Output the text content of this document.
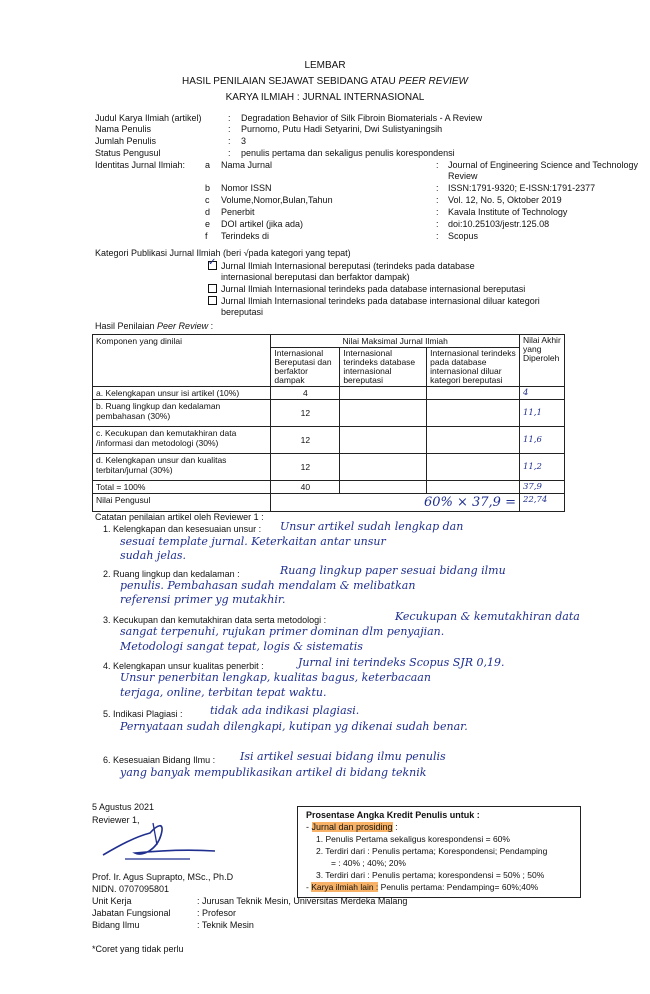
LEMBAR
HASIL PENILAIAN SEJAWAT SEBIDANG ATAU PEER REVIEW
KARYA ILMIAH : JURNAL INTERNASIONAL
Judul Karya Ilmiah (artikel)	: Degradation Behavior of Silk Fibroin Biomaterials - A Review
Nama Penulis	: Purnomo, Putu Hadi Setyarini, Dwi Sulistyaningsih
Jumlah Penulis	: 3
Status Pengusul	: penulis pertama dan sekaligus penulis korespondensi
Identitas Jurnal Ilmiah: a Nama Jurnal	: Journal of Engineering Science and Technology
Review
b Nomor ISSN	: ISSN:1791-9320; E-ISSN:1791-2377
c Volume,Nomor,Bulan,Tahun	: Vol. 12, No. 5, Oktober 2019
d Penerbit	: Kavala Institute of Technology
e DOI artikel (jika ada)	: doi:10.25103/jestr.125.08
f Terindeks di	: Scopus
Kategori Publikasi Jurnal Ilmiah (beri √pada kategori yang tepat)
✓Jurnal Ilmiah Internasional bereputasi (terindeks pada database
internasional bereputasi dan berfaktor dampak)
Jurnal Ilmiah Internasional terindeks pada database internasional bereputasi
Jurnal Ilmiah Internasional terindeks pada database internasional diluar kategori
bereputasi
Hasil Penilaian Peer Review :
Komponen yang dinilai	Nilai Maksimal Jurnal Ilmiah			Nilai Akhir yang Diperoleh
	Internasional Bereputasi dan berfaktor dampak	Internasional terindeks database internasional bereputasi	Internasional terindeks pada database internasional diluar kategori bereputasi	
a. Kelengkapan unsur isi artikel (10%)	4			4
b. Ruang lingkup dan kedalaman pembahasan (30%)	12			11,1
c. Kecukupan dan kemutakhiran data /informasi dan metodologi (30%)	12			11,6
d. Kelengkapan unsur dan kualitas terbitan/jurnal (30%)	12			11,2
Total = 100%	40			37,9
Nilai Pengusul	60% × 37,9 =			22,74
Catatan penilaian artikel oleh Reviewer 1 :
1. Kelengkapan dan kesesuaian unsur : Unsur artikel sudah lengkap dan
sesuai template jurnal. Keterkaitan antar unsur
sudah jelas.
2. Ruang lingkup dan kedalaman :	Ruang lingkup paper sesuai bidang ilmu
penulis. Pembahasan sudah mendalam & melibatkan
referensi primer yg mutakhir.
3. Kecukupan dan kemutakhiran data serta metodologi :	Kecukupan & kemutakhiran data
sangat terpenuhi, rujukan primer dominan dlm penyajian.
Metodologi sangat tepat, logis & sistematis
4. Kelengkapan unsur kualitas penerbit :	Jurnal ini terindeks Scopus SJR 0,19.
Unsur penerbitan lengkap, kualitas bagus, keterbacaan
terjaga, online, terbitan tepat waktu.
5. Indikasi Plagiasi : tidak ada indikasi plagiasi.
Pernyataan sudah dilengkapi, kutipan yg dikenai sudah benar.
6. Kesesuaian Bidang Ilmu : Isi artikel sesuai bidang ilmu penulis
yang banyak mempublikasikan artikel di bidang teknik
5 Agustus 2021
Reviewer 1,
Prof. Ir. Agus Suprapto, MSc., Ph.D
NIDN. 0707095801
Unit Kerja	: Jurusan Teknik Mesin, Universitas Merdeka Malang
Jabatan Fungsional	: Profesor
Bidang Ilmu	: Teknik Mesin
Prosentase Angka Kredit Penulis untuk :
- Jurnal dan prosiding :
1. Penulis Pertama sekaligus korespondensi = 60%
2. Terdiri dari : Penulis pertama; Korespondensi; Pendamping
= : 40% ; 40%; 20%
3. Terdiri dari : Penulis pertama; korespondensi = 50% ; 50%
- Karya ilmiah lain : Penulis pertama: Pendamping= 60%;40%
*Coret yang tidak perlu
